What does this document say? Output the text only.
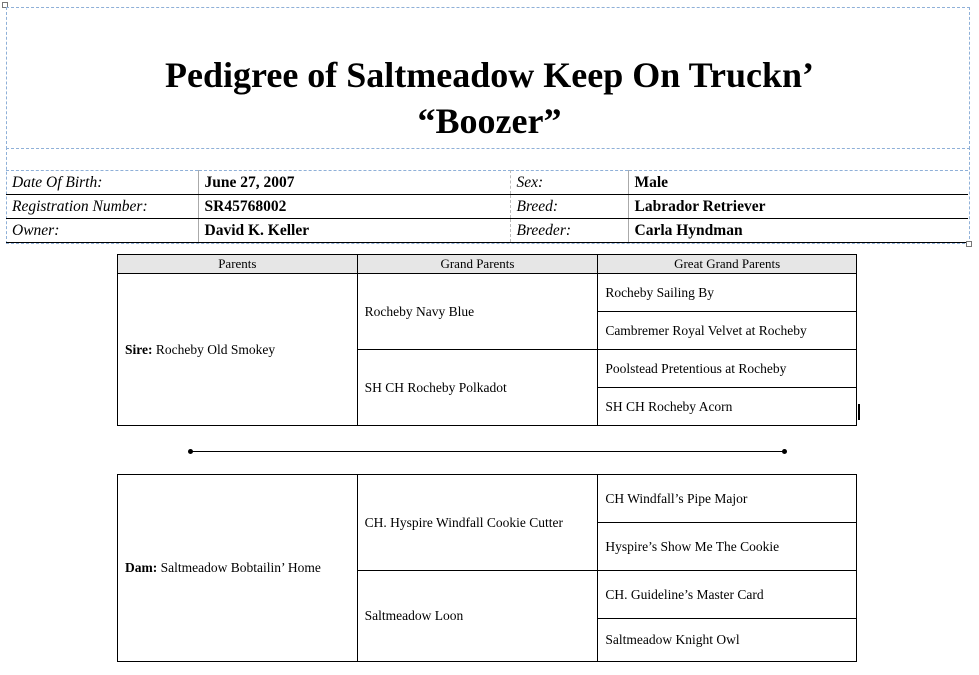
Pedigree of Saltmeadow Keep On Truckn’
“Boozer”
Date Of Birth:	June 27, 2007	Sex:	Male
Registration Number:	SR45768002	Breed:	Labrador Retriever
Owner:	David K. Keller	Breeder:	Carla Hyndman
Parents	Grand Parents	Great Grand Parents
Sire: Rocheby Old Smokey	Rocheby Navy Blue	Rocheby Sailing By
		Cambremer Royal Velvet at Rocheby
	SH CH Rocheby Polkadot	Poolstead Pretentious at Rocheby
		SH CH Rocheby Acorn
Dam: Saltmeadow Bobtailin’ Home	CH. Hyspire Windfall Cookie Cutter	CH Windfall’s Pipe Major
		Hyspire’s Show Me The Cookie
	Saltmeadow Loon	CH. Guideline’s Master Card
		Saltmeadow Knight Owl
